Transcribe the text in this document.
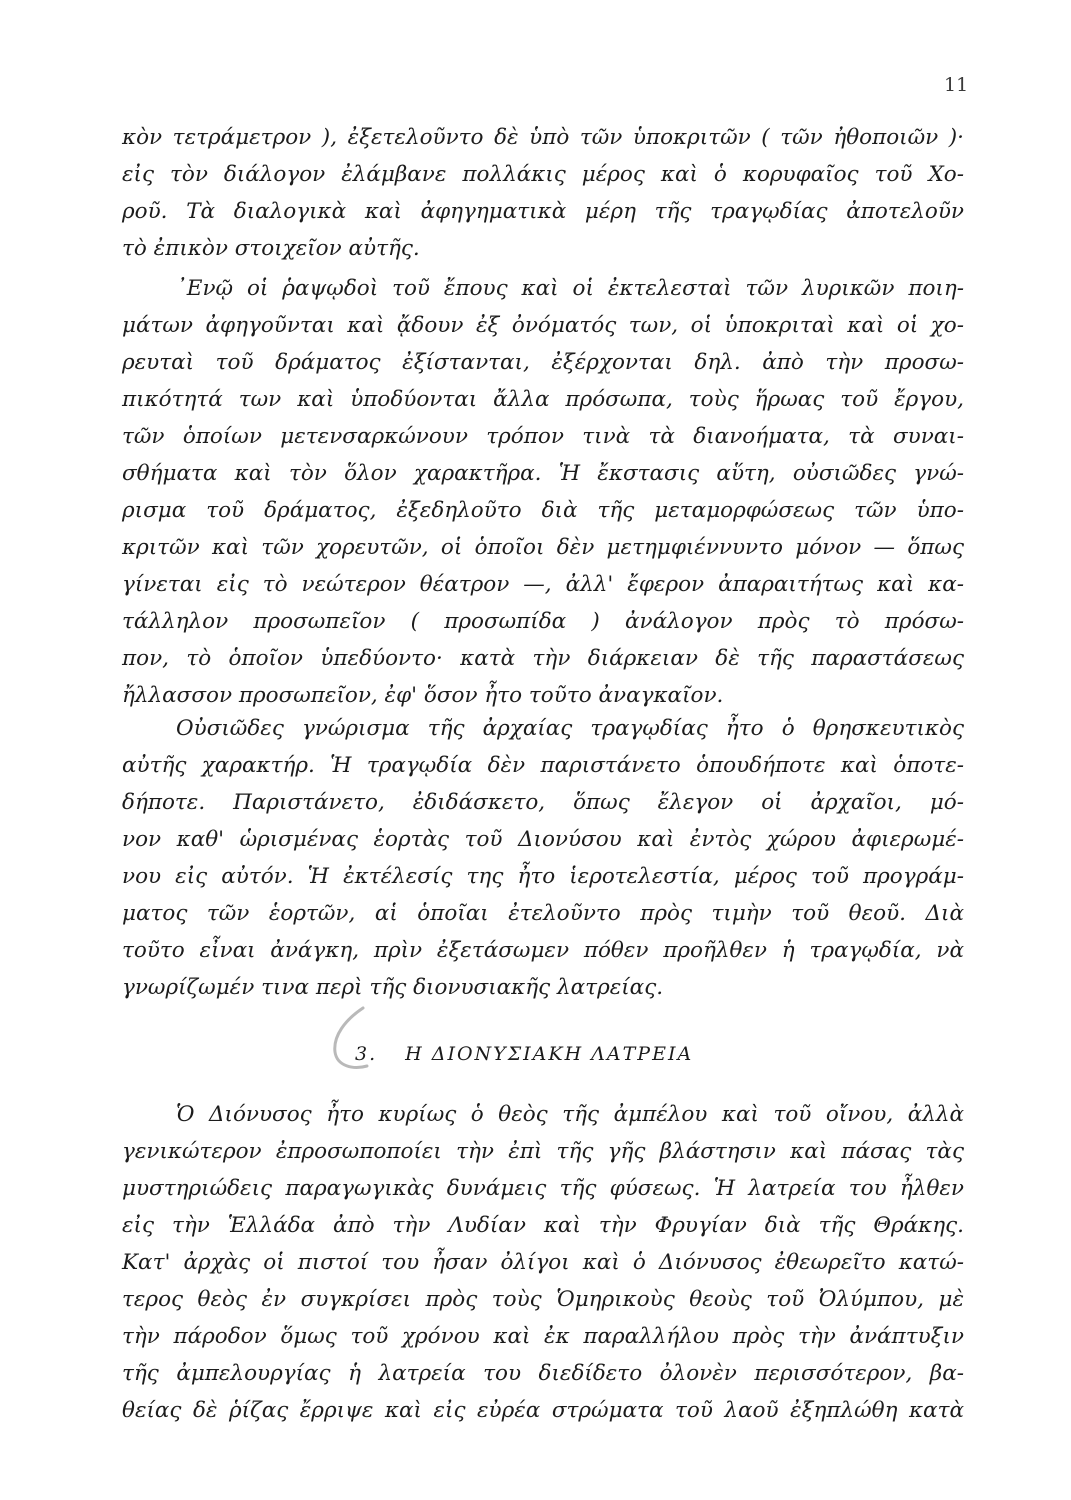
11
κὸν τετράμετρον ), ἐξετελοῦντο δὲ ὑπὸ τῶν ὑποκριτῶν ( τῶν ἠθοποιῶν )·
εἰς τὸν διάλογον ἐλάμβανε πολλάκις μέρος καὶ ὁ κορυφαῖος τοῦ Χο-
ροῦ. Τὰ διαλογικὰ καὶ ἀφηγηματικὰ μέρη τῆς τραγῳδίας ἀποτελοῦν
τὸ ἐπικὸν στοιχεῖον αὐτῆς.
᾿Ενῷ οἱ ῥαψῳδοὶ τοῦ ἔπους καὶ οἱ ἐκτελεσταὶ τῶν λυρικῶν ποιη-
μάτων ἀφηγοῦνται καὶ ᾄδουν ἐξ ὀνόματός των, οἱ ὑποκριταὶ καὶ οἱ χο-
ρευταὶ τοῦ δράματος ἐξίστανται, ἐξέρχονται δηλ. ἀπὸ τὴν προσω-
πικότητά των καὶ ὑποδύονται ἄλλα πρόσωπα, τοὺς ἥρωας τοῦ ἔργου,
τῶν ὁποίων μετενσαρκώνουν τρόπον τινὰ τὰ διανοήματα, τὰ συναι-
σθήματα καὶ τὸν ὅλον χαρακτῆρα. Ἡ ἔκστασις αὕτη, οὐσιῶδες γνώ-
ρισμα τοῦ δράματος, ἐξεδηλοῦτο διὰ τῆς μεταμορφώσεως τῶν ὑπο-
κριτῶν καὶ τῶν χορευτῶν, οἱ ὁποῖοι δὲν μετημφιέννυντο μόνον — ὅπως
γίνεται εἰς τὸ νεώτερον θέατρον —, ἀλλ' ἔφερον ἀπαραιτήτως καὶ κα-
τάλληλον προσωπεῖον ( προσωπίδα ) ἀνάλογον πρὸς τὸ πρόσω-
πον, τὸ ὁποῖον ὑπεδύοντο· κατὰ τὴν διάρκειαν δὲ τῆς παραστάσεως
ἤλλασσον προσωπεῖον, ἐφ' ὅσον ἦτο τοῦτο ἀναγκαῖον.
Οὐσιῶδες γνώρισμα τῆς ἀρχαίας τραγῳδίας ἦτο ὁ θρησκευτικὸς
αὐτῆς χαρακτήρ. Ἡ τραγῳδία δὲν παριστάνετο ὁπουδήποτε καὶ ὁποτε-
δήποτε. Παριστάνετο, ἐδιδάσκετο, ὅπως ἔλεγον οἱ ἀρχαῖοι, μό-
νον καθ' ὡρισμένας ἑορτὰς τοῦ Διονύσου καὶ ἐντὸς χώρου ἀφιερωμέ-
νου εἰς αὐτόν. Ἡ ἐκτέλεσίς της ἦτο ἱεροτελεστία, μέρος τοῦ προγράμ-
ματος τῶν ἑορτῶν, αἱ ὁποῖαι ἐτελοῦντο πρὸς τιμὴν τοῦ θεοῦ. Διὰ
τοῦτο εἶναι ἀνάγκη, πρὶν ἐξετάσωμεν πόθεν προῆλθεν ἡ τραγῳδία, νὰ
γνωρίζωμέν τινα περὶ τῆς διονυσιακῆς λατρείας.
3. Η ΔΙΟΝΥΣΙΑΚΗ ΛΑΤΡΕΙΑ
Ὁ Διόνυσος ἦτο κυρίως ὁ θεὸς τῆς ἀμπέλου καὶ τοῦ οἴνου, ἀλλὰ
γενικώτερον ἐπροσωποποίει τὴν ἐπὶ τῆς γῆς βλάστησιν καὶ πάσας τὰς
μυστηριώδεις παραγωγικὰς δυνάμεις τῆς φύσεως. Ἡ λατρεία του ἦλθεν
εἰς τὴν Ἑλλάδα ἀπὸ τὴν Λυδίαν καὶ τὴν Φρυγίαν διὰ τῆς Θράκης.
Κατ' ἀρχὰς οἱ πιστοί του ἦσαν ὀλίγοι καὶ ὁ Διόνυσος ἐθεωρεῖτο κατώ-
τερος θεὸς ἐν συγκρίσει πρὸς τοὺς Ὁμηρικοὺς θεοὺς τοῦ Ὀλύμπου, μὲ
τὴν πάροδον ὅμως τοῦ χρόνου καὶ ἐκ παραλλήλου πρὸς τὴν ἀνάπτυξιν
τῆς ἀμπελουργίας ἡ λατρεία του διεδίδετο ὀλονὲν περισσότερον, βα-
θείας δὲ ῥίζας ἔρριψε καὶ εἰς εὐρέα στρώματα τοῦ λαοῦ ἐξηπλώθη κατὰ
